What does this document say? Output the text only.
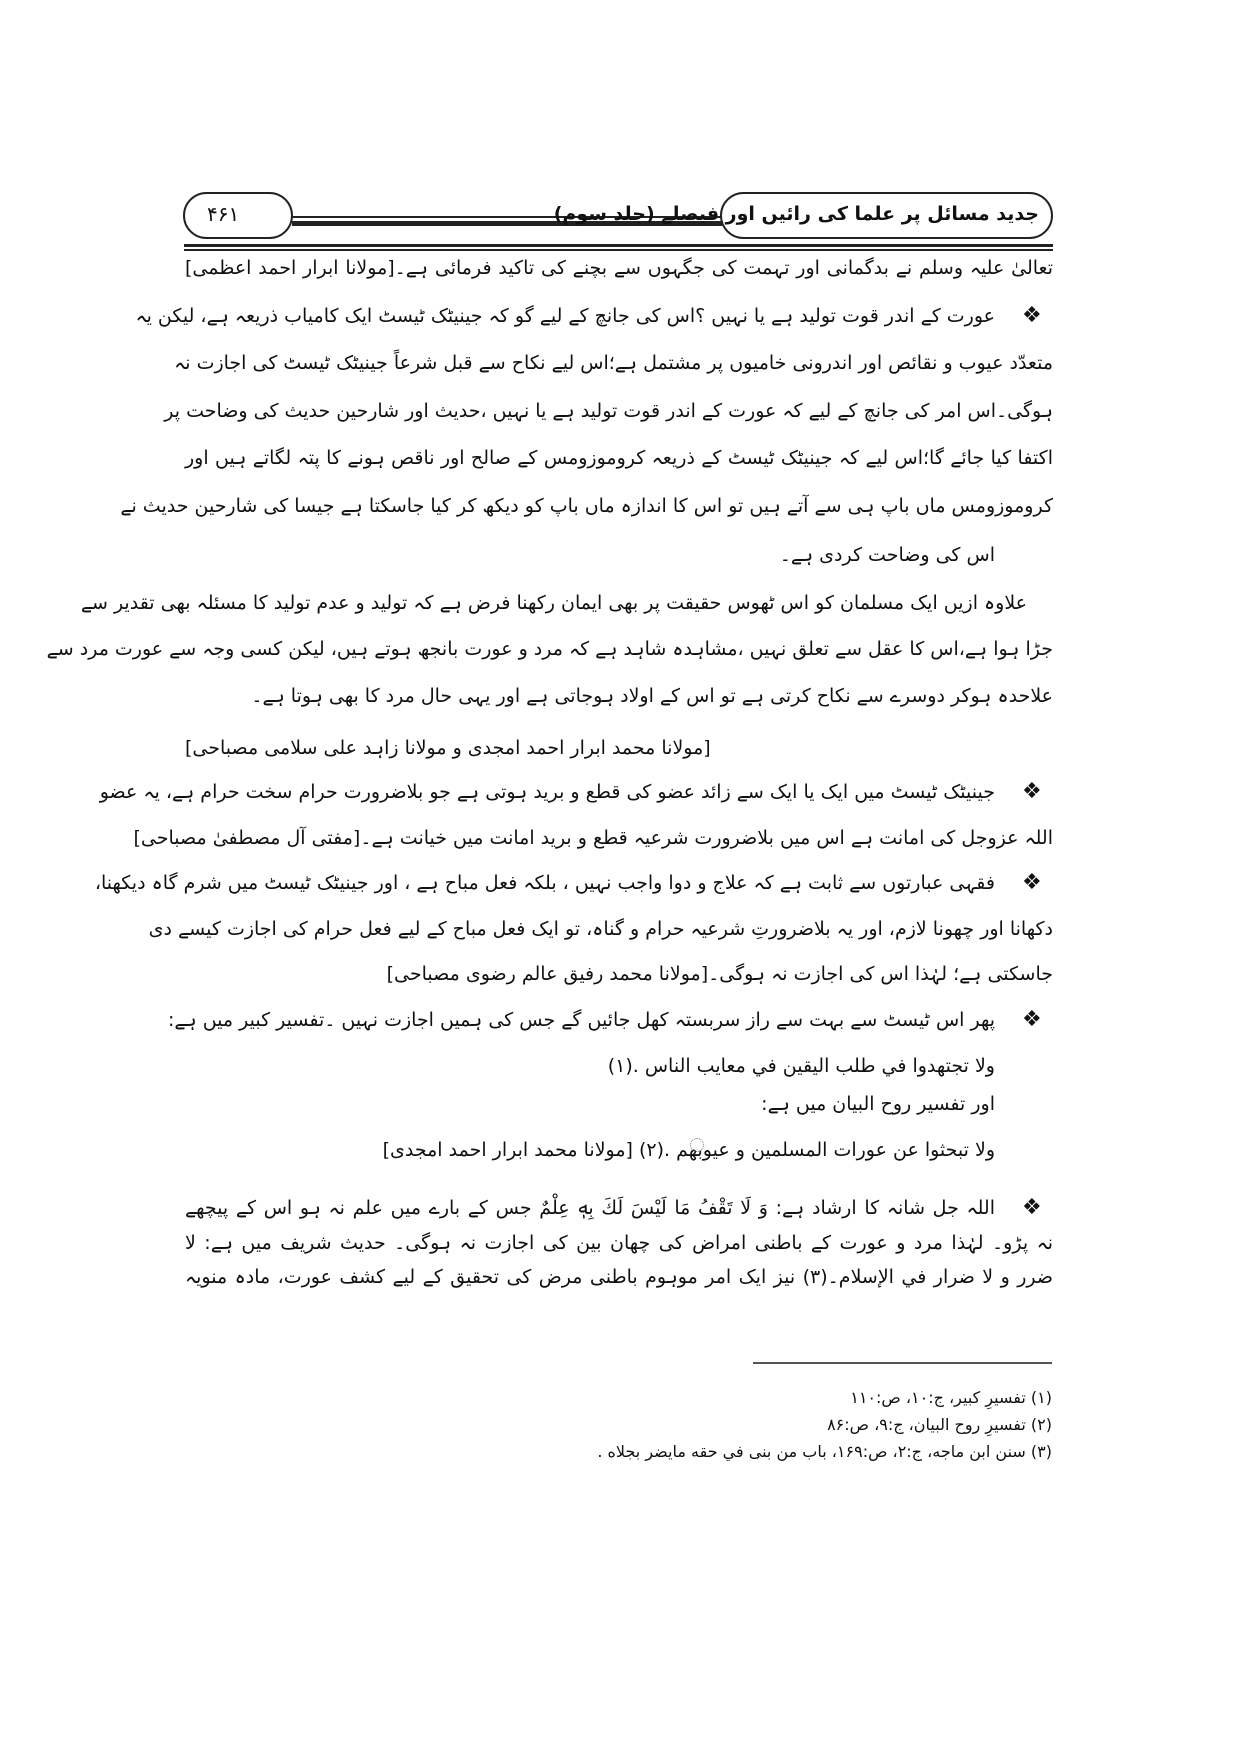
۴۶۱	جدید مسائل پر علما کی رائیں اور فیصلے (جلد سوم)
تعالیٰ علیہ وسلم نے بدگمانی اور تہمت کی جگہوں سے بچنے کی تاکید فرمائی ہے۔[مولانا ابرار احمد اعظمی]
❖
عورت کے اندر قوت تولید ہے یا نہیں ؟اس کی جانچ کے لیے گو کہ جینیٹک ٹیسٹ ایک کامیاب ذریعہ ہے، لیکن یہ
متعدّد عیوب و نقائص اور اندرونی خامیوں پر مشتمل ہے؛اس لیے نکاح سے قبل شرعاً جینیٹک ٹیسٹ کی اجازت نہ
ہوگی۔اس امر کی جانچ کے لیے کہ عورت کے اندر قوت تولید ہے یا نہیں ،حدیث اور شارحین حدیث کی وضاحت پر
اکتفا کیا جائے گا؛اس لیے کہ جینیٹک ٹیسٹ کے ذریعہ کروموزومس کے صالح اور ناقص ہونے کا پتہ لگاتے ہیں اور
کروموزومس ماں باپ ہی سے آتے ہیں تو اس کا اندازہ ماں باپ کو دیکھ کر کیا جاسکتا ہے جیسا کی شارحین حدیث نے
اس کی وضاحت کردی ہے۔
علاوہ ازیں ایک مسلمان کو اس ٹھوس حقیقت پر بھی ایمان رکھنا فرض ہے کہ تولید و عدم تولید کا مسئلہ بھی تقدیر سے
جڑا ہوا ہے،اس کا عقل سے تعلق نہیں ،مشاہدہ شاہد ہے کہ مرد و عورت بانجھ ہوتے ہیں، لیکن کسی وجہ سے عورت مرد سے
علاحدہ ہوکر دوسرے سے نکاح کرتی ہے تو اس کے اولاد ہوجاتی ہے اور یہی حال مرد کا بھی ہوتا ہے۔
[مولانا محمد ابرار احمد امجدی و مولانا زاہد علی سلامی مصباحی]
❖
جینیٹک ٹیسٹ میں ایک یا ایک سے زائد عضو کی قطع و برید ہوتی ہے جو بلاضرورت حرام سخت حرام ہے، یہ عضو
اللہ عزوجل کی امانت ہے اس میں بلاضرورت شرعیہ قطع و برید امانت میں خیانت ہے۔[مفتی آل مصطفیٰ مصباحی]
❖
فقہی عبارتوں سے ثابت ہے کہ علاج و دوا واجب نہیں ، بلکہ فعل مباح ہے ، اور جینیٹک ٹیسٹ میں شرم گاہ دیکھنا،
دکھانا اور چھونا لازم، اور یہ بلاضرورتِ شرعیہ حرام و گناہ، تو ایک فعل مباح کے لیے فعل حرام کی اجازت کیسے دی
جاسکتی ہے؛ لہٰذا اس کی اجازت نہ ہوگی۔[مولانا محمد رفیق عالم رضوی مصباحی]
❖
پھر اس ٹیسٹ سے بہت سے راز سربستہ کھل جائیں گے جس کی ہمیں اجازت نہیں ۔تفسیر کبیر میں ہے:
ولا تجتهدوا في طلب اليقين في معايب الناس .(۱)
اور تفسیر روح البیان میں ہے:
ولا تبحثوا عن عورات المسلمين و عيوبهم .(۲) [مولانا محمد ابرار احمد امجدی]
❖
اللہ جل شانہ کا ارشاد ہے: وَ لَا تَقْفُ مَا لَيْسَ لَكَ بِهٖ عِلْمٌ جس کے بارے میں علم نہ ہو اس کے پیچھے
نہ پڑو۔ لہٰذا مرد و عورت کے باطنی امراض کی چھان بین کی اجازت نہ ہوگی۔ حدیث شریف میں ہے: لا
ضرر و لا ضرار في الإسلام۔(۳) نیز ایک امر موہوم باطنی مرض کی تحقیق کے لیے کشف عورت، مادہ منویہ
(۱) تفسیرِ کبیر، ج:۱۰، ص:۱۱۰
(۲) تفسیرِ روح البیان، ج:۹، ص:۸۶
(۳) سنن ابن ماجه، ج:۲، ص:۱۶۹، باب من بنى في حقه مايضر بجلاه .
